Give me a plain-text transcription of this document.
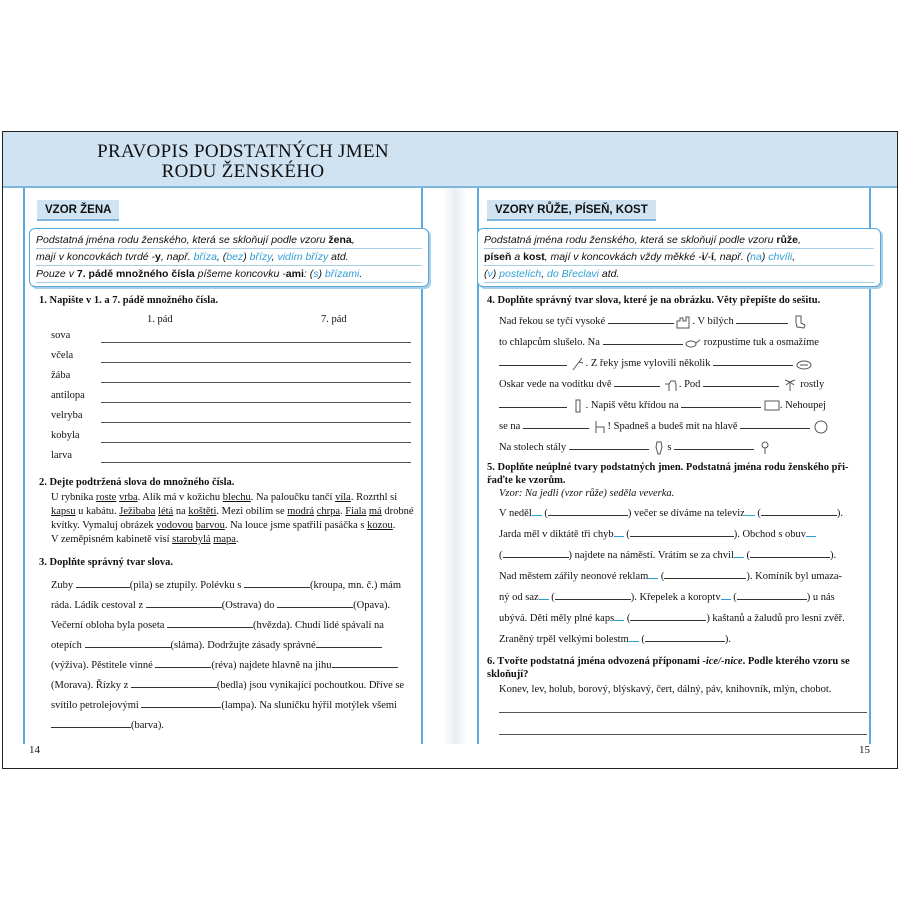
PRAVOPIS PODSTATNÝCH JMEN
RODU ŽENSKÉHO
VZOR ŽENA
Podstatná jména rodu ženského, která se skloňují podle vzoru žena,
mají v koncovkách tvrdé -y, např. bříza, (bez) břízy, vidím břízy atd.
Pouze v 7. pádě množného čísla píšeme koncovku -ami: (s) břízami.
1. Napište v 1. a 7. pádě množného čísla.
1. pád	7. pád
sova
včela
žába
antilopa
velryba
kobyla
larva
2. Dejte podtržená slova do množného čísla.
U rybníka roste vrba. Alík má v kožichu blechu. Na paloučku tančí víla. Rozrthl si
kapsu u kabátu. Ježibaba létá na koštěti. Mezi obilím se modrá chrpa. Fiala má drobné
kvítky. Vymaluj obrázek vodovou barvou. Na louce jsme spatřili pasáčka s kozou.
V zeměpisném kabinetě visí starobylá mapa.
3. Doplňte správný tvar slova.
Zuby	(pila) se ztupily. Polévku s	(kroupa, mn. č.) mám
ráda. Ládík cestoval z	(Ostrava) do	(Opava).
Večerní obloha byla poseta	(hvězda). Chudí lidé spávali na
otepích	(sláma). Dodržujte zásady správné
(výživa). Pěstitele vinné	(réva) najdete hlavně na jihu
(Morava). Řízky z	(bedla) jsou vynikající pochoutkou. Dříve se
svítilo petrolejovými	(lampa). Na sluníčku hýřil motýlek všemi
(barva).
VZORY RŮŽE, PÍSEŇ, KOST
Podstatná jména rodu ženského, která se skloňují podle vzoru růže,
píseň a kost, mají v koncovkách vždy měkké -i/-í, např. (na) chvíli,
(v) postelích, do Břeclavi atd.
4. Doplňte správný tvar slova, které je na obrázku. Věty přepište do sešitu.
Nad řekou se tyčí vysoké	. V bílých
to chlapcům slušelo. Na	rozpustíme tuk a osmažíme
. Z řeky jsme vylovili několik
Oskar vede na vodítku dvě	. Pod	rostly
. Napiš větu křídou na	. Nehoupej
se na	! Spadneš a budeš mít na hlavě
Na stolech stály	s
5. Doplňte neúplné tvary podstatných jmen. Podstatná jména rodu ženského při-
řaďte ke vzorům.
Vzor: Na jedli (vzor růže) seděla veverka.
V neděl (	) večer se díváme na televiz (	).
Jarda měl v diktátě tři chyb (	). Obchod s obuv
(	) najdete na náměstí. Vrátím se za chvil (	).
Nad městem zářily neonové reklam (	). Komíník byl umaza-
ný od saz (	). Křepelek a koroptv (	) u nás
ubývá. Děti měly plné kaps (	) kaštanů a žaludů pro lesní zvěř.
Zraněný trpěl velkými bolestm (	).
6. Tvořte podstatná jména odvozená příponami -ice/-nice. Podle kterého vzoru se
skloňují?
Konev, lev, holub, borový, blýskavý, čert, dálný, páv, knihovník, mlýn, chobot.
14	15
